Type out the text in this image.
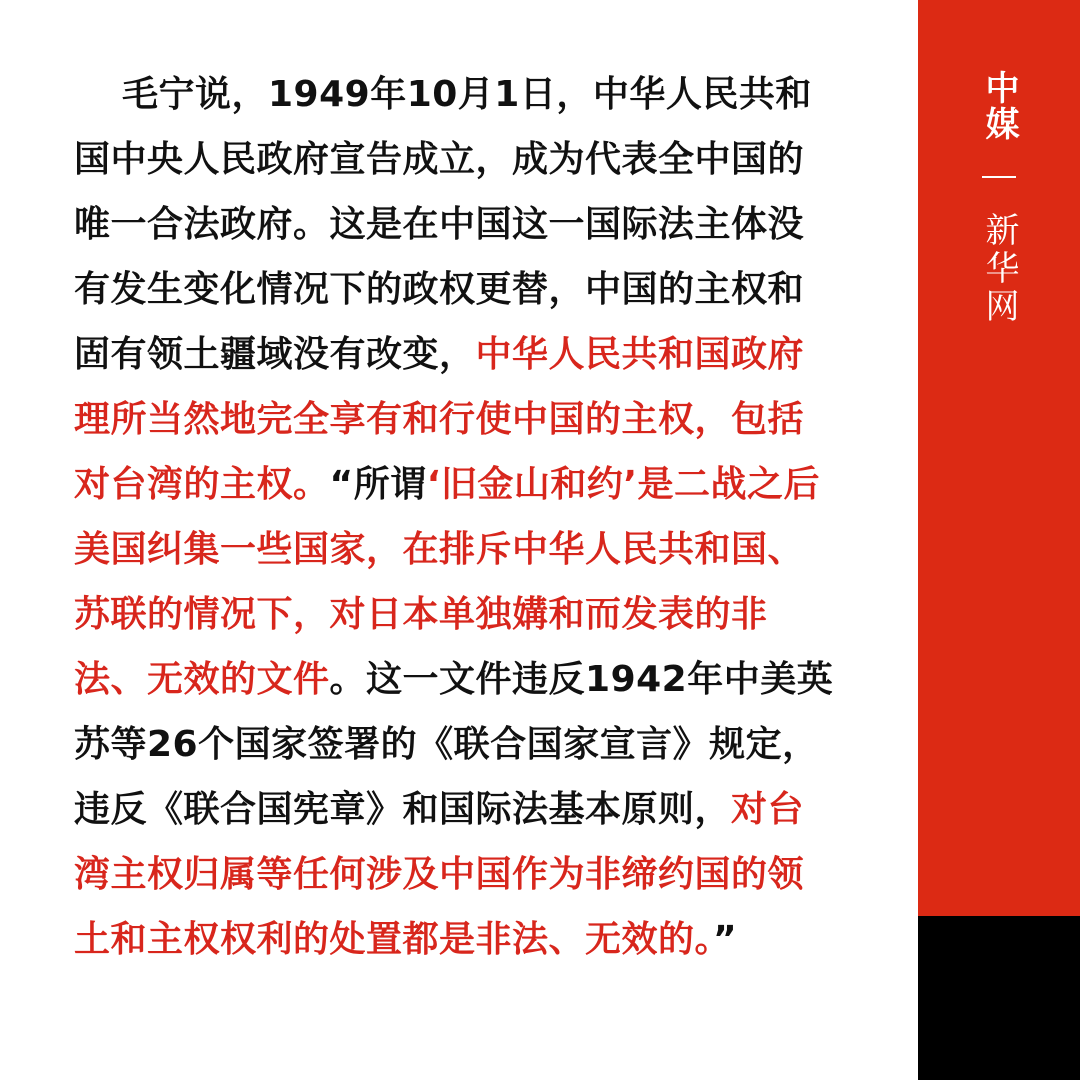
毛宁说，1949年10月1日，中华人民共和国中央人民政府宣告成立，成为代表全中国的唯一合法政府。这是在中国这一国际法主体没有发生变化情况下的政权更替，中国的主权和固有领土疆域没有改变，中华人民共和国政府理所当然地完全享有和行使中国的主权，包括对台湾的主权。“所谓‘旧金山和约’是二战之后美国纠集一些国家，在排斥中华人民共和国、苏联的情况下，对日本单独媾和而发表的非法、无效的文件。这一文件违反1942年中美英苏等26个国家签署的《联合国家宣言》规定，违反《联合国宪章》和国际法基本原则，对台湾主权归属等任何涉及中国作为非缔约国的领土和主权权利的处置都是非法、无效的。”

中媒
新华网
